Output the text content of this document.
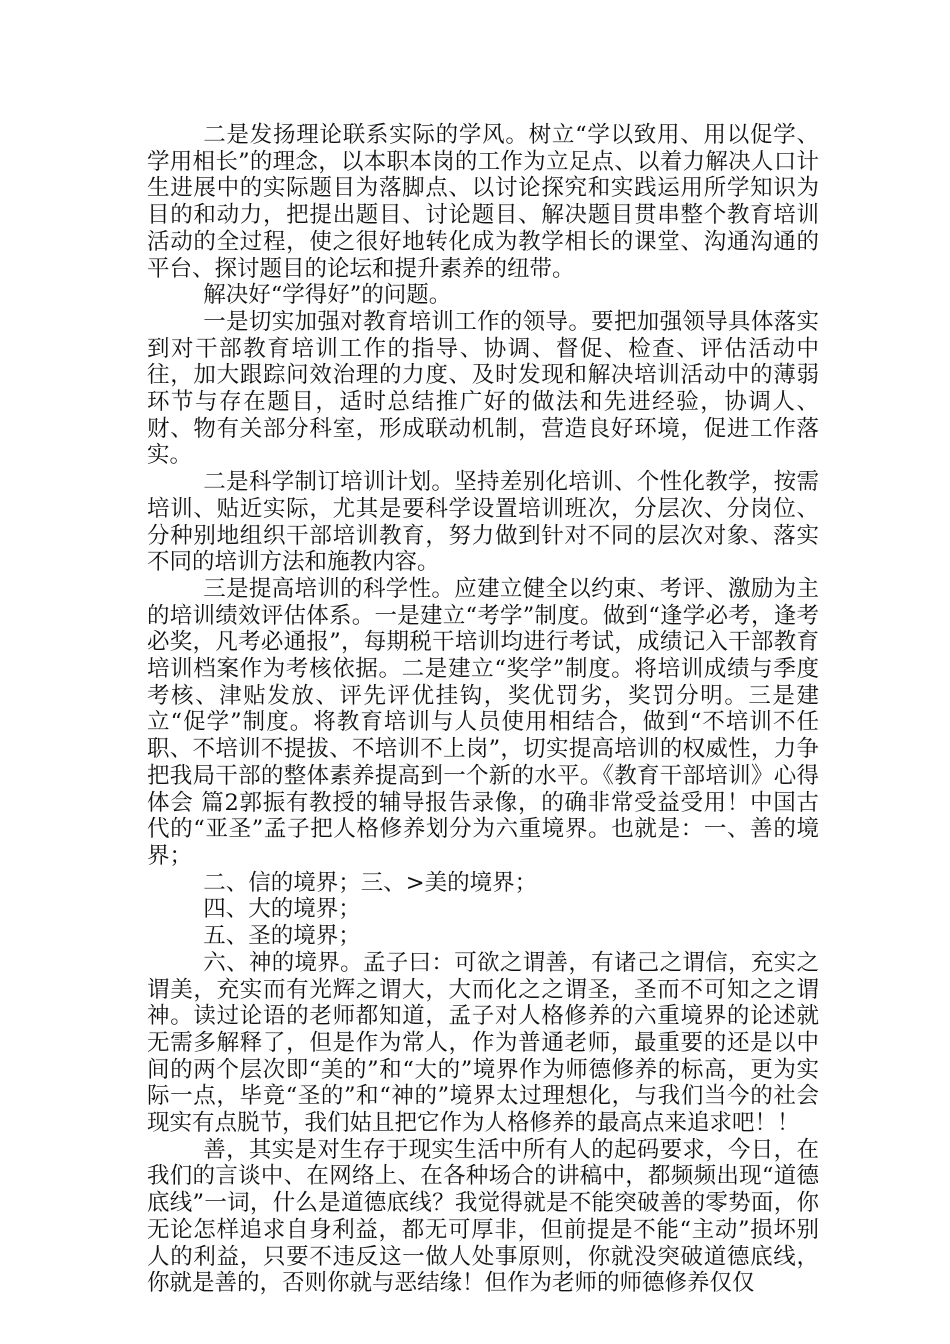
二是发扬理论联系实际的学风。树立“学以致用、用以促学、学用相长”的理念，以本职本岗的工作为立足点、以着力解决人口计生进展中的实际题目为落脚点、以讨论探究和实践运用所学知识为目的和动力，把提出题目、讨论题目、解决题目贯串整个教育培训活动的全过程，使之很好地转化成为教学相长的课堂、沟通沟通的平台、探讨题目的论坛和提升素养的纽带。

解决好“学得好”的问题。

一是切实加强对教育培训工作的领导。要把加强领导具体落实到对干部教育培训工作的指导、协调、督促、检查、评估活动中往，加大跟踪问效治理的力度、及时发现和解决培训活动中的薄弱环节与存在题目，适时总结推广好的做法和先进经验，协调人、财、物有关部分科室，形成联动机制，营造良好环境，促进工作落实。

二是科学制订培训计划。坚持差别化培训、个性化教学，按需培训、贴近实际，尤其是要科学设置培训班次，分层次、分岗位、分种别地组织干部培训教育，努力做到针对不同的层次对象、落实不同的培训方法和施教内容。

三是提高培训的科学性。应建立健全以约束、考评、激励为主的培训绩效评估体系。一是建立“考学”制度。做到“逢学必考，逢考必奖，凡考必通报”，每期税干培训均进行考试，成绩记入干部教育培训档案作为考核依据。二是建立“奖学”制度。将培训成绩与季度考核、津贴发放、评先评优挂钩，奖优罚劣，奖罚分明。三是建立“促学”制度。将教育培训与人员使用相结合，做到“不培训不任职、不培训不提拔、不培训不上岗”，切实提高培训的权威性，力争把我局干部的整体素养提高到一个新的水平。《教育干部培训》心得体会 篇2郭振有教授的辅导报告录像，的确非常受益受用！中国古代的“亚圣”孟子把人格修养划分为六重境界。也就是：一、善的境界；

二、信的境界；三、>美的境界；

四、大的境界；

五、圣的境界；

六、神的境界。孟子曰：可欲之谓善，有诸己之谓信，充实之谓美，充实而有光辉之谓大，大而化之之谓圣，圣而不可知之之谓神。读过论语的老师都知道，孟子对人格修养的六重境界的论述就无需多解释了，但是作为常人，作为普通老师，最重要的还是以中间的两个层次即“美的”和“大的”境界作为师德修养的标高，更为实际一点，毕竟“圣的”和“神的”境界太过理想化，与我们当今的社会现实有点脱节，我们姑且把它作为人格修养的最高点来追求吧！！

善，其实是对生存于现实生活中所有人的起码要求，今日，在我们的言谈中、在网络上、在各种场合的讲稿中，都频频出现“道德底线”一词，什么是道德底线？我觉得就是不能突破善的零势面，你无论怎样追求自身利益，都无可厚非，但前提是不能“主动”损坏别人的利益，只要不违反这一做人处事原则，你就没突破道德底线，你就是善的，否则你就与恶结缘！但作为老师的师德修养仅仅
